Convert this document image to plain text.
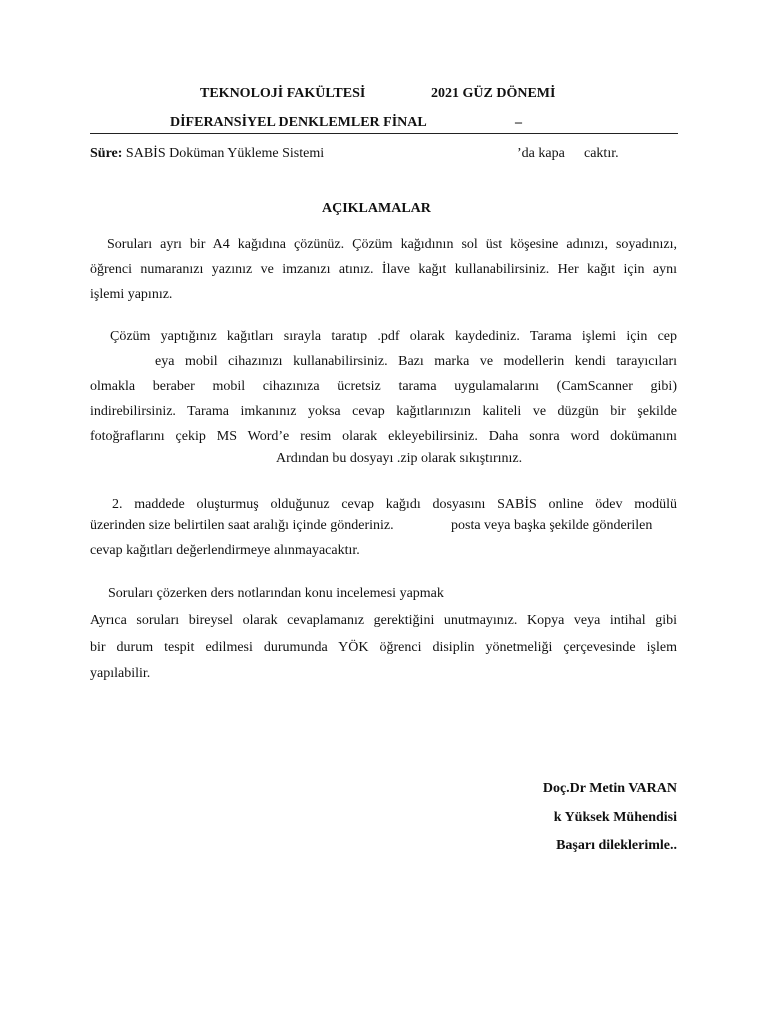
TEKNOLOJİ FAKÜLTESİ	2021 GÜZ DÖNEMİ
DİFERANSİYEL DENKLEMLER FİNAL	–
Süre: SABİS Doküman Yükleme Sistemi	’da kapa caktır.
AÇIKLAMALAR
Soruları ayrı bir A4 kağıdına çözünüz. Çözüm kağıdının sol üst köşesine adınızı, soyadınızı,
öğrenci numaranızı yazınız ve imzanızı atınız. İlave kağıt kullanabilirsiniz. Her kağıt için aynı
işlemi yapınız.
Çözüm yaptığınız kağıtları sırayla taratıp .pdf olarak kaydediniz. Tarama işlemi için cep
eya mobil cihazınızı kullanabilirsiniz. Bazı marka ve modellerin kendi tarayıcıları
olmakla beraber mobil cihazınıza ücretsiz tarama uygulamalarını (CamScanner gibi)
indirebilirsiniz. Tarama imkanınız yoksa cevap kağıtlarınızın kaliteli ve düzgün bir şekilde
fotoğraflarını çekip MS Word’e resim olarak ekleyebilirsiniz. Daha sonra word dokümanını
Ardından bu dosyayı .zip olarak sıkıştırınız.
2. maddede oluşturmuş olduğunuz cevap kağıdı dosyasını SABİS online ödev modülü
üzerinden size belirtilen saat aralığı içinde gönderiniz.	posta veya başka şekilde gönderilen
cevap kağıtları değerlendirmeye alınmayacaktır.
Soruları çözerken ders notlarından konu incelemesi yapmak
Ayrıca soruları bireysel olarak cevaplamanız gerektiğini unutmayınız. Kopya veya intihal gibi
bir durum tespit edilmesi durumunda YÖK öğrenci disiplin yönetmeliği çerçevesinde işlem
yapılabilir.
Doç.Dr Metin VARAN
k Yüksek Mühendisi
Başarı dileklerimle..
